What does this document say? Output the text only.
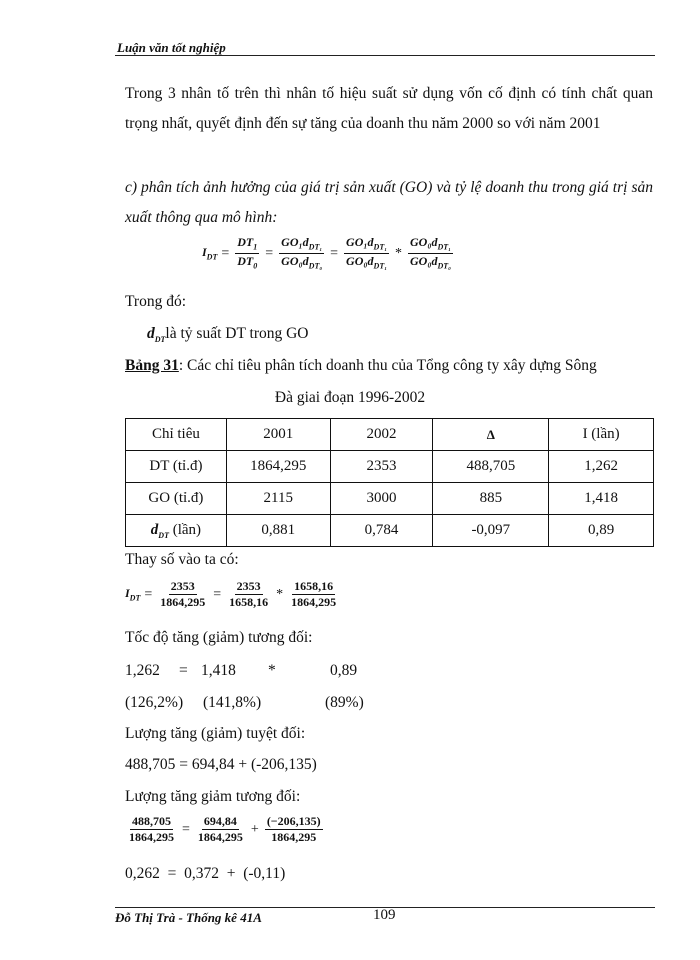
Luận văn tốt nghiệp

Trong 3 nhân tố trên thì nhân tố hiệu suất sử dụng vốn cố định có tính chất quan trọng nhất, quyết định đến sự tăng của doanh thu năm 2000 so với năm 2001

c) phân tích ảnh hưởng của giá trị sản xuất (GO) và tỷ lệ doanh thu trong giá trị sản xuất thông qua mô hình:

$I_{DT} = \frac{DT_1}{DT_0} = \frac{GO_1d_{DT_1}}{GO_0d_{DT_0}} = \frac{GO_1d_{DT_1}}{GO_0d_{DT_1}} * \frac{GO_0d_{DT_1}}{GO_0d_{DT_0}}$
Trong đó:
$d_{DT}là$ tỷ suất DT trong GO
Bảng 31: Các chỉ tiêu phân tích doanh thu của Tổng công ty xây dựng Sông
Đà giai đoạn 1996-2002
Chỉ tiêu	2001	2002	Δ	I (lần)
DT (tỉ.đ)	1864,295	2353	488,705	1,262
GO (tỉ.đ)	2115	3000	885	1,418
$d_{DT}$ (lần)	0,881	0,784	-0,097	0,89
Thay số vào ta có:
$I_{DT} = \frac{2353}{1864,295} = \frac{2353}{1658,16} * \frac{1658,16}{1864,295}$
Tốc độ tăng (giảm) tương đối:
1,262 = 1,418 *	0,89
(126,2%) (141,8%)	(89%)
Lượng tăng (giảm) tuyệt đối:
488,705 = 694,84 + (-206,135)
Lượng tăng giảm tương đối:
$\frac{488,705}{1864,295} = \frac{694,84}{1864,295} + \frac{(-206,135)}{1864,295}$
0,262  =  0,372  +  (-0,11)
Đỗ Thị Trà - Thống kê 41A	109
